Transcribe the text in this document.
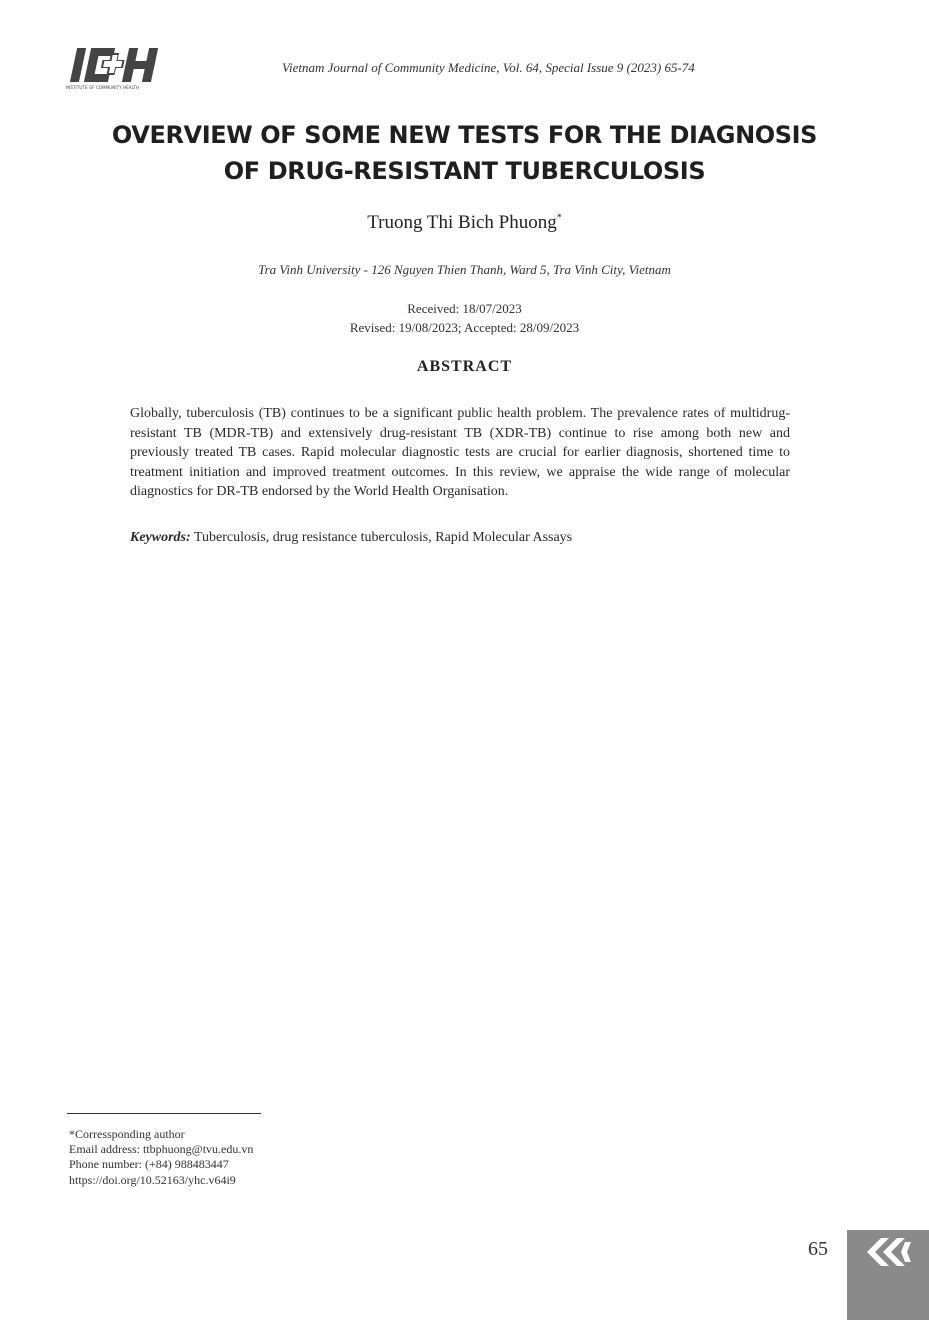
INSTITUTE OF COMMUNITY HEALTH
Vietnam Journal of Community Medicine, Vol. 64, Special Issue 9 (2023) 65-74
OVERVIEW OF SOME NEW TESTS FOR THE DIAGNOSIS
OF DRUG-RESISTANT TUBERCULOSIS
Truong Thi Bich Phuong*
Tra Vinh University - 126 Nguyen Thien Thanh, Ward 5, Tra Vinh City, Vietnam
Received: 18/07/2023
Revised: 19/08/2023; Accepted: 28/09/2023
ABSTRACT

Globally, tuberculosis (TB) continues to be a significant public health problem. The prevalence rates of multidrug-resistant TB (MDR-TB) and extensively drug-resistant TB (XDR-TB) continue to rise among both new and previously treated TB cases. Rapid molecular diagnostic tests are crucial for earlier diagnosis, shortened time to treatment initiation and improved treatment outcomes. In this review, we appraise the wide range of molecular diagnostics for DR-TB endorsed by the World Health Organisation.

Keywords: Tuberculosis, drug resistance tuberculosis, Rapid Molecular Assays

*Corressponding author
Email address: ttbphuong@tvu.edu.vn
Phone number: (+84) 988483447
https://doi.org/10.52163/yhc.v64i9
65
